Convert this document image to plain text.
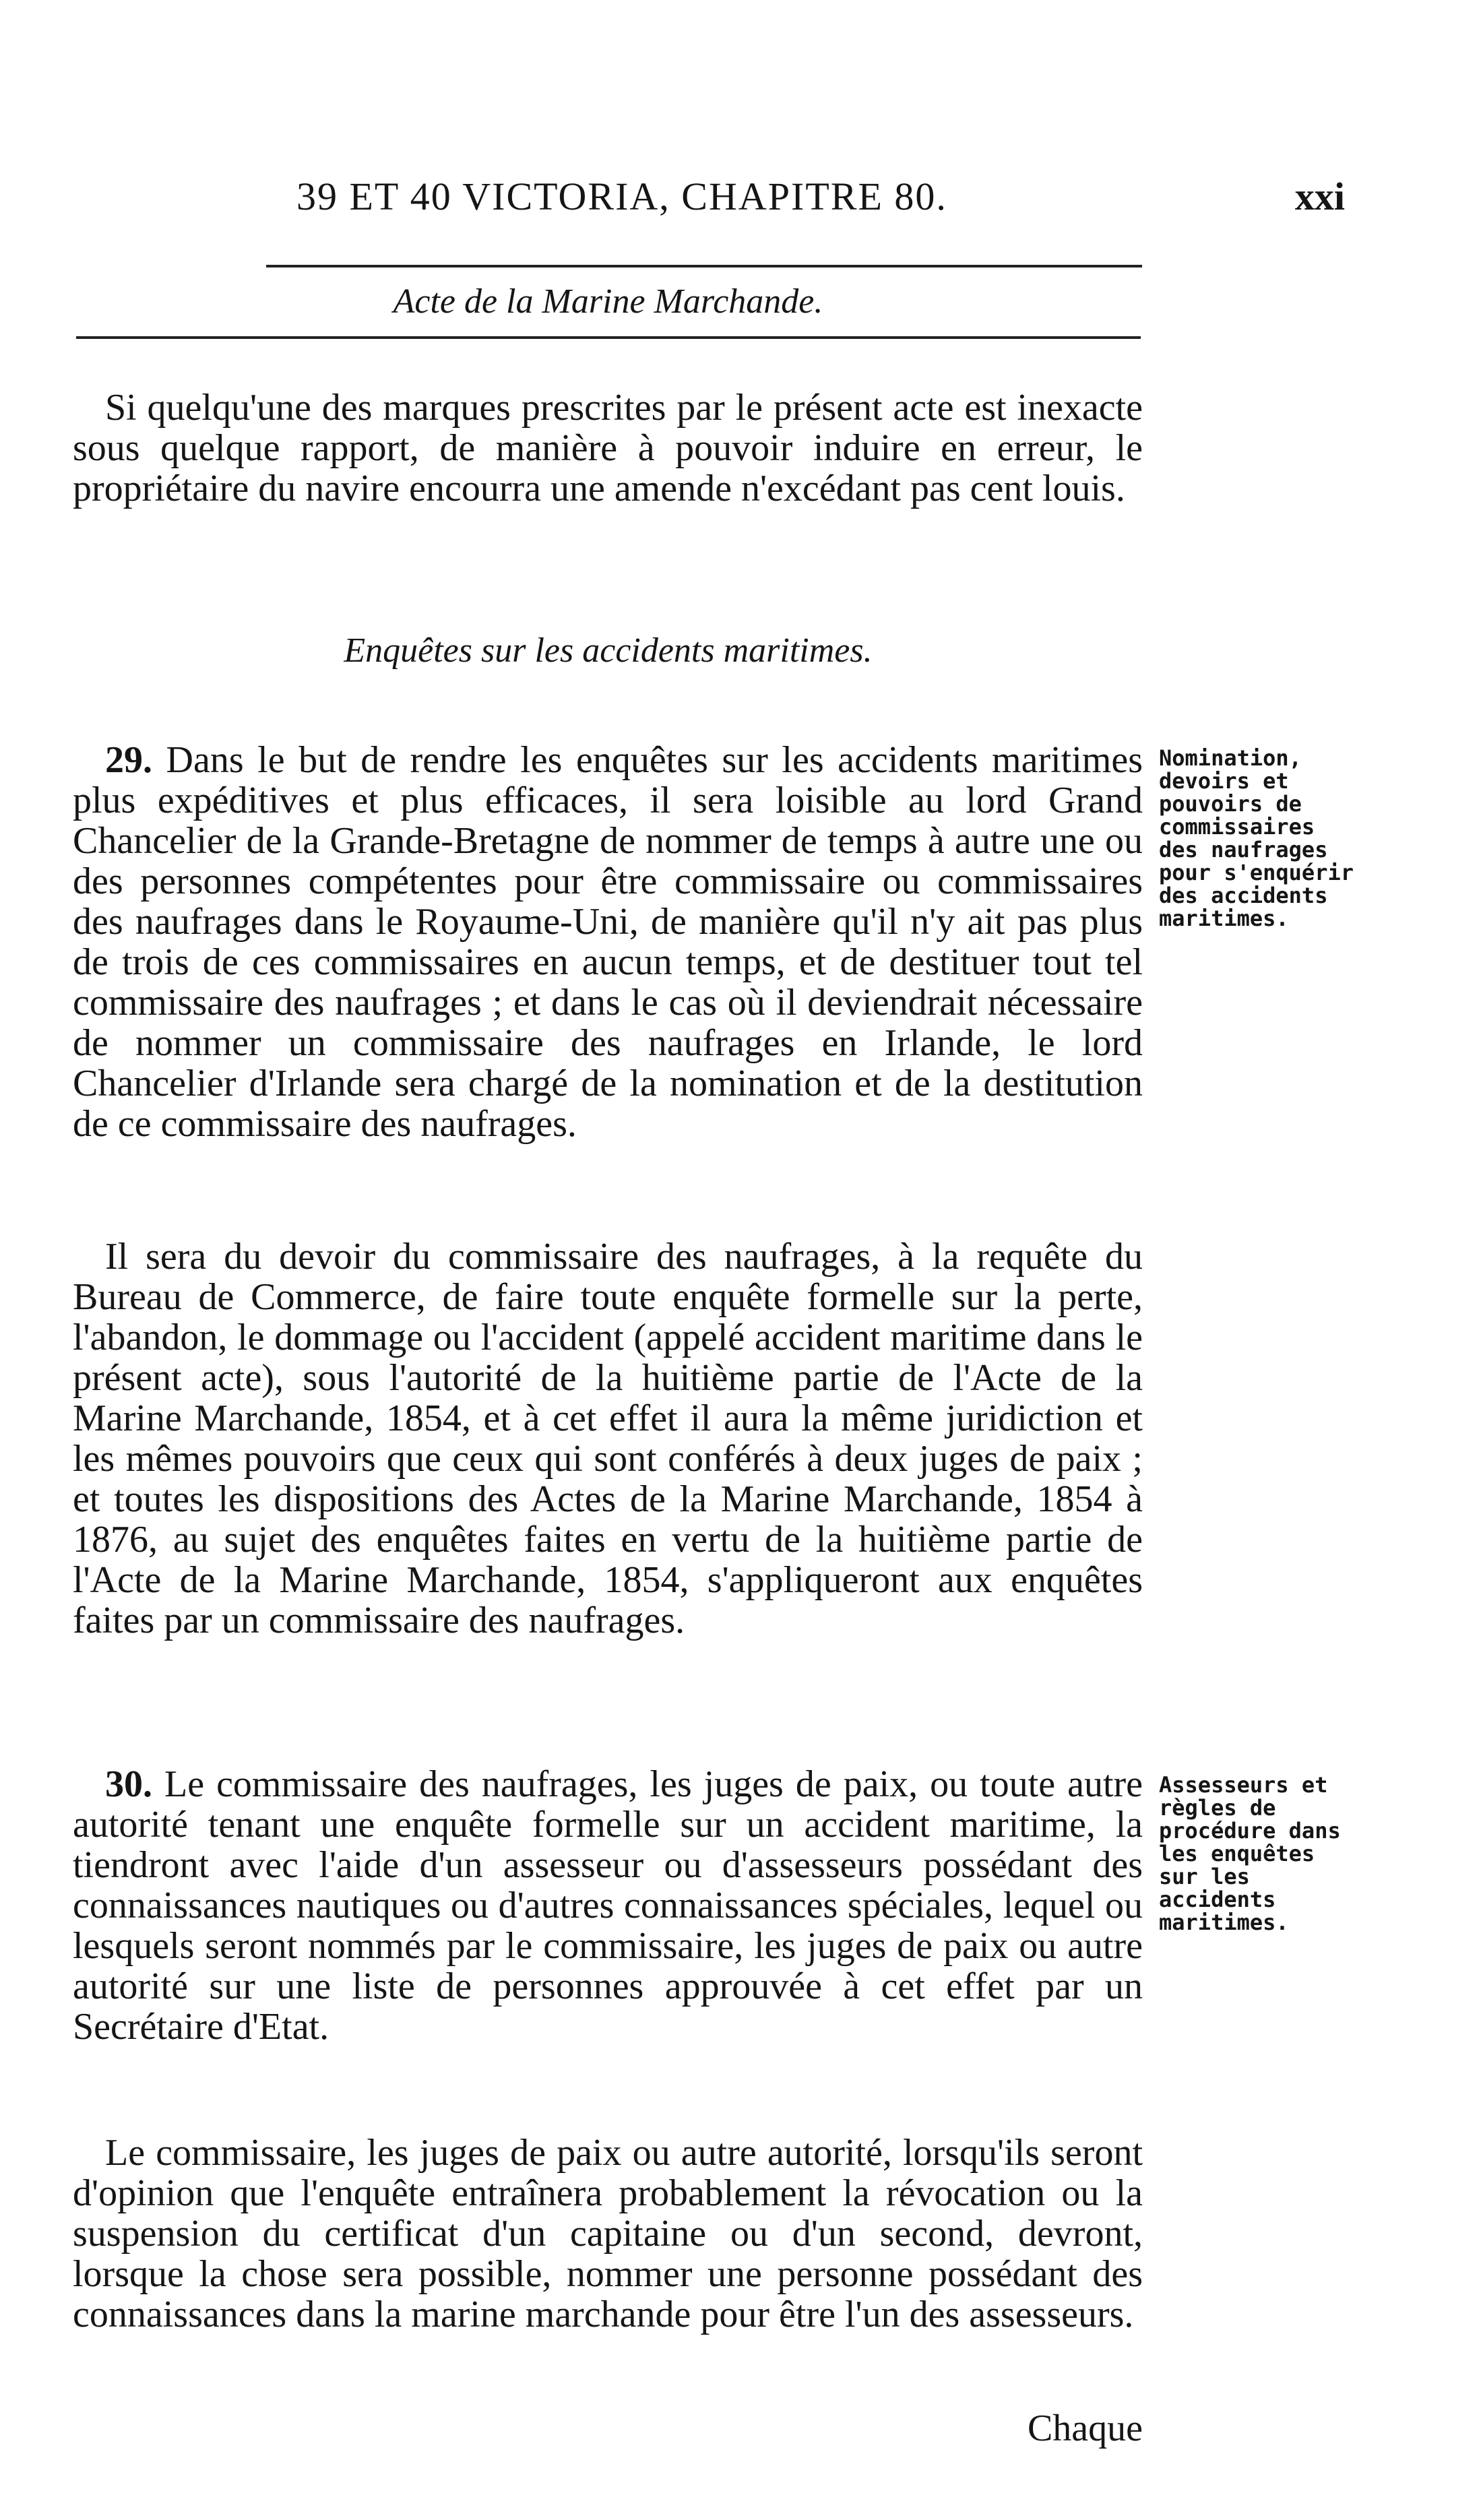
39 ET 40 VICTORIA, CHAPITRE 80.	xxi
Acte de la Marine Marchande.

Si quelqu'une des marques prescrites par le présent acte est inexacte sous quelque rapport, de manière à pouvoir induire en erreur, le propriétaire du navire encourra une amende n'excédant pas cent louis.

Enquêtes sur les accidents maritimes.

29. Dans le but de rendre les enquêtes sur les accidents maritimes plus expéditives et plus efficaces, il sera loisible au lord Grand Chancelier de la Grande-Bretagne de nommer de temps à autre une ou des personnes compétentes pour être commissaire ou commissaires des naufrages dans le Royaume-Uni, de manière qu'il n'y ait pas plus de trois de ces commissaires en aucun temps, et de destituer tout tel commissaire des naufrages ; et dans le cas où il deviendrait nécessaire de nommer un commissaire des naufrages en Irlande, le lord Chancelier d'Irlande sera chargé de la nomination et de la destitution de ce commissaire des naufrages.

Nomination, devoirs et pouvoirs de commissaires des naufrages pour s'enquérir des accidents maritimes.

Il sera du devoir du commissaire des naufrages, à la requête du Bureau de Commerce, de faire toute enquête formelle sur la perte, l'abandon, le dommage ou l'accident (appelé accident maritime dans le présent acte), sous l'autorité de la huitième partie de l'Acte de la Marine Marchande, 1854, et à cet effet il aura la même juridiction et les mêmes pouvoirs que ceux qui sont conférés à deux juges de paix ; et toutes les dispositions des Actes de la Marine Marchande, 1854 à 1876, au sujet des enquêtes faites en vertu de la huitième partie de l'Acte de la Marine Marchande, 1854, s'appliqueront aux enquêtes faites par un commissaire des naufrages.

30. Le commissaire des naufrages, les juges de paix, ou toute autre autorité tenant une enquête formelle sur un accident maritime, la tiendront avec l'aide d'un assesseur ou d'assesseurs possédant des connaissances nautiques ou d'autres connaissances spéciales, lequel ou lesquels seront nommés par le commissaire, les juges de paix ou autre autorité sur une liste de personnes approuvée à cet effet par un Secrétaire d'Etat.

Assesseurs et règles de procédure dans les enquêtes sur les accidents maritimes.

Le commissaire, les juges de paix ou autre autorité, lorsqu'ils seront d'opinion que l'enquête entraînera probablement la révocation ou la suspension du certificat d'un capitaine ou d'un second, devront, lorsque la chose sera possible, nommer une personne possédant des connaissances dans la marine marchande pour être l'un des assesseurs.

Chaque
